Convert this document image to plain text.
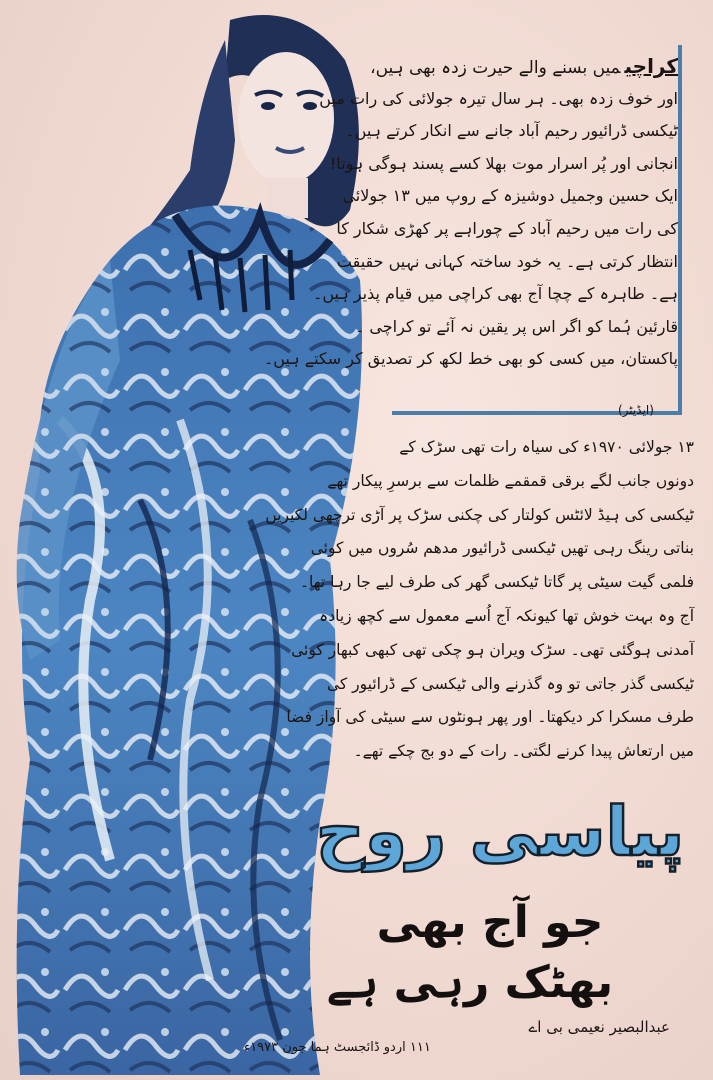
کراچیمیں بسنے والے حیرت زدہ بھی ہیں،
اور خوف زدہ بھی۔ ہر سال تیرہ جولائی کی رات میں
ٹیکسی ڈرائیور رحیم آباد جانے سے انکار کرتے ہیں۔
انجانی اور پُر اسرار موت بھلا کسے پسند ہوگی ہوتا!
ایک حسین وجمیل دوشیزہ کے روپ میں ۱۳ جولائی
کی رات میں رحیم آباد کے چوراہے پر کھڑی شکار کا
انتظار کرتی ہے۔ یہ خود ساختہ کہانی نہیں حقیقت
ہے۔ طاہرہ کے چچا آج بھی کراچی میں قیام پذیر ہیں۔
قارئین ہُما کو اگر اس پر یقین نہ آئے تو کراچی ۔
پاکستان، میں کسی کو بھی خط لکھ کر تصدیق کر سکتے ہیں۔
(ایڈیٹر)
۱۳ جولائی ۱۹۷۰ء کی سیاہ رات تھی سڑک کے
دونوں جانب لگے برقی قمقمے ظلمات سے برسرِ پیکار تھے
ٹیکسی کی ہیڈ لائٹس کولتار کی چکنی سڑک پر آڑی ترچھی لکیریں
بناتی رینگ رہی تھیں ٹیکسی ڈرائیور مدھم سُروں میں کوئی
فلمی گیت سیٹی پر گاتا ٹیکسی گھر کی طرف لیے جا رہا تھا۔
آج وہ بہت خوش تھا کیونکہ آج اُسے معمول سے کچھ زیادہ
آمدنی ہوگئی تھی۔ سڑک ویران ہو چکی تھی کبھی کبھار کوئی
ٹیکسی گذر جاتی تو وہ گذرنے والی ٹیکسی کے ڈرائیور کی
طرف مسکرا کر دیکھتا۔ اور پھر ہونٹوں سے سیٹی کی آواز فضا
میں ارتعاش پیدا کرنے لگتی۔ رات کے دو بج چکے تھے۔
پیاسی روح
جو آج بھی
بھٹک رہی ہے
عبدالبصیر نعیمی بی اے
۱۱۱ اردو ڈائجسٹ ہما جون ۱۹۷۳ء
